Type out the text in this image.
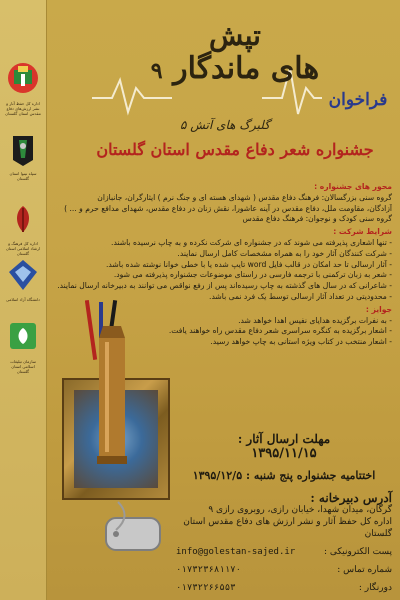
اداره کل حفظ آثار و نشر ارزش‌های دفاع مقدس استان گلستان
سپاه نینوا استان گلستان
اداره کل فرهنگ و ارشاد اسلامی استان گلستان
دانشگاه آزاد اسلامی
سازمان تبلیغات اسلامی استان گلستان
تپش
های ماندگار ۹
گلبرگ های آتش ۵
فراخوان
جشنواره شعر دفاع مقدس استان گلستان
محور های جشنواره :
گروه سنی بزرگسالان: فرهنگ دفاع مقدس ( شهدای هسته ای و جنگ نرم ) ایثارگران، جانبازان
آزادگان، مقاومت ملل، دفاع مقدس در آینه عاشورا، نقش زنان در دفاع مقدس، شهدای مدافع حرم و ... )
گروه سنی کودک و نوجوان: فرهنگ دفاع مقدس
شرایط شرکت :
- تنها اشعاری پذیرفته می شوند که در جشنواره ای شرکت نکرده و به چاپ نرسیده باشند.
- شرکت کنندگان آثار خود را به همراه مشخصات کامل ارسال نمایند.
- آثار ارسالی تا حد امکان در قالب فایل word تایپ شده یا با خطی خوانا نوشته شده باشد.
- شعر به زبان ترکمنی با ترجمه فارسی در راستای موضوعات جشنواره پذیرفته می شود.
- شاعرانی که در سال های گذشته به چاپ رسیده‌اند پس از رفع نواقص می توانند به دبیرخانه ارسال نمایند.
- محدودیتی در تعداد آثار ارسالی توسط یک فرد نمی باشد.
جوایز :
- به نفرات برگزیده هدایای نفیس اهدا خواهد شد.
- اشعار برگزیده به کنگره سراسری شعر دفاع مقدس راه خواهند یافت.
- اشعار منتخب در کتاب ویژه استانی به چاپ خواهد رسید.
مهلت ارسال آثار :
۱۳۹۵/۱۱/۱۵
اختتامیه جشنواره پنج شنبه : ۱۳۹۵/۱۲/۵
آدرس دبیرخانه :
گرگان، میدان شهدا، خیابان رازی، روبروی رازی ۹
اداره کل حفظ آثار و نشر ارزش های دفاع مقدس استان گلستان
پست الکترونیکی :
info@golestan-sajed.ir
شماره تماس :
۰۱۷۳۲۳۶۸۱۱۷۰
دورنگار :
۰۱۷۳۲۲۶۶۵۵۳
